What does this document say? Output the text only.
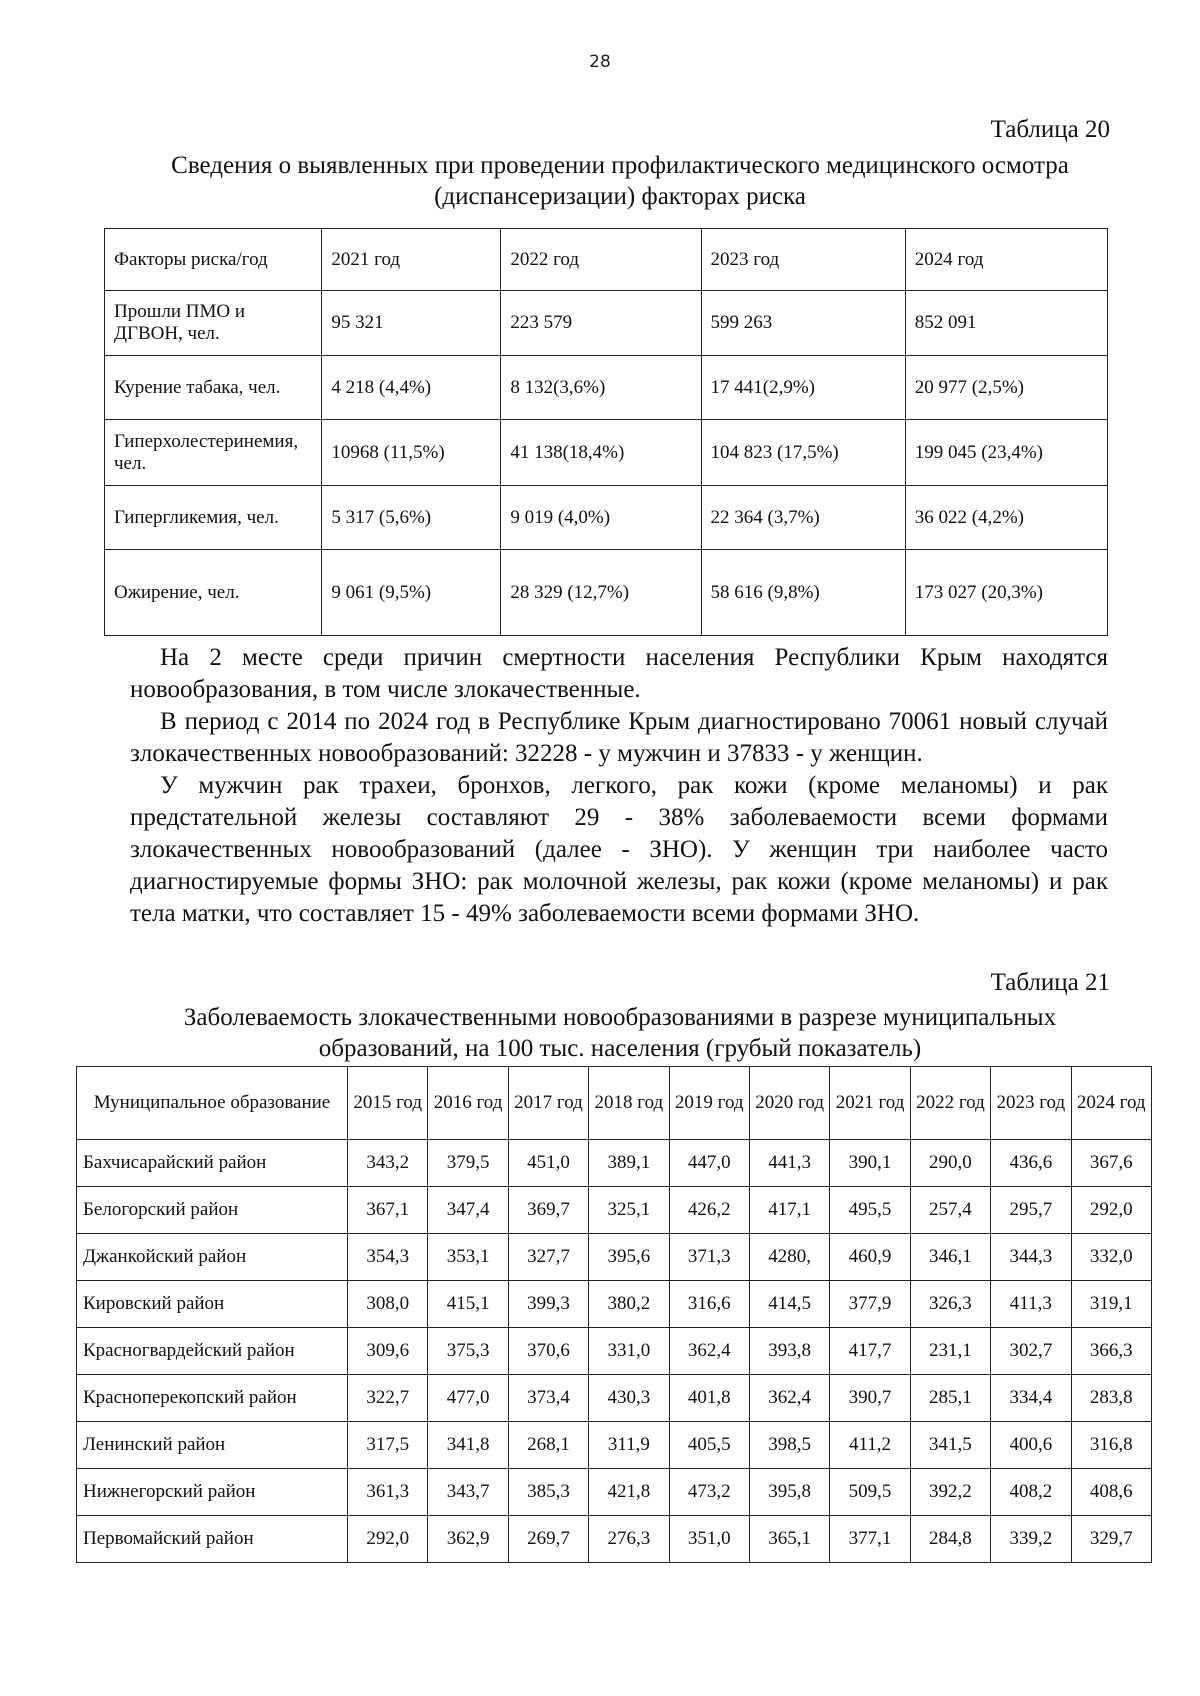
28
Таблица 20
Сведения о выявленных при проведении профилактического медицинского осмотра (диспансеризации) факторах риска
Факторы риска/год	2021 год	2022 год	2023 год	2024 год
Прошли ПМО и ДГВОН, чел.	95 321	223 579	599 263	852 091
Курение табака, чел.	4 218 (4,4%)	8 132(3,6%)	17 441(2,9%)	20 977 (2,5%)
Гиперхолестеринемия, чел.	10968 (11,5%)	41 138(18,4%)	104 823 (17,5%)	199 045 (23,4%)
Гипергликемия, чел.	5 317 (5,6%)	9 019 (4,0%)	22 364 (3,7%)	36 022 (4,2%)
Ожирение, чел.	9 061 (9,5%)	28 329 (12,7%)	58 616 (9,8%)	173 027 (20,3%)

На 2 месте среди причин смертности населения Республики Крым находятся новообразования, в том числе злокачественные.

В период с 2014 по 2024 год в Республике Крым диагностировано 70061 новый случай злокачественных новообразований: 32228 - у мужчин и 37833 - у женщин.

У мужчин рак трахеи, бронхов, легкого, рак кожи (кроме меланомы) и рак предстательной железы составляют 29 - 38% заболеваемости всеми формами злокачественных новообразований (далее - ЗНО). У женщин три наиболее часто диагностируемые формы ЗНО: рак молочной железы, рак кожи (кроме меланомы) и рак тела матки, что составляет 15 - 49% заболеваемости всеми формами ЗНО.

Таблица 21
Заболеваемость злокачественными новообразованиями в разрезе муниципальных образований, на 100 тыс. населения (грубый показатель)
Муниципальное образование	2015 год	2016 год	2017 год	2018 год	2019 год	2020 год	2021 год	2022 год	2023 год	2024 год
Бахчисарайский район	343,2	379,5	451,0	389,1	447,0	441,3	390,1	290,0	436,6	367,6
Белогорский район	367,1	347,4	369,7	325,1	426,2	417,1	495,5	257,4	295,7	292,0
Джанкойский район	354,3	353,1	327,7	395,6	371,3	4280,	460,9	346,1	344,3	332,0
Кировский район	308,0	415,1	399,3	380,2	316,6	414,5	377,9	326,3	411,3	319,1
Красногвардейский район	309,6	375,3	370,6	331,0	362,4	393,8	417,7	231,1	302,7	366,3
Красноперекопский район	322,7	477,0	373,4	430,3	401,8	362,4	390,7	285,1	334,4	283,8
Ленинский район	317,5	341,8	268,1	311,9	405,5	398,5	411,2	341,5	400,6	316,8
Нижнегорский район	361,3	343,7	385,3	421,8	473,2	395,8	509,5	392,2	408,2	408,6
Первомайский район	292,0	362,9	269,7	276,3	351,0	365,1	377,1	284,8	339,2	329,7
